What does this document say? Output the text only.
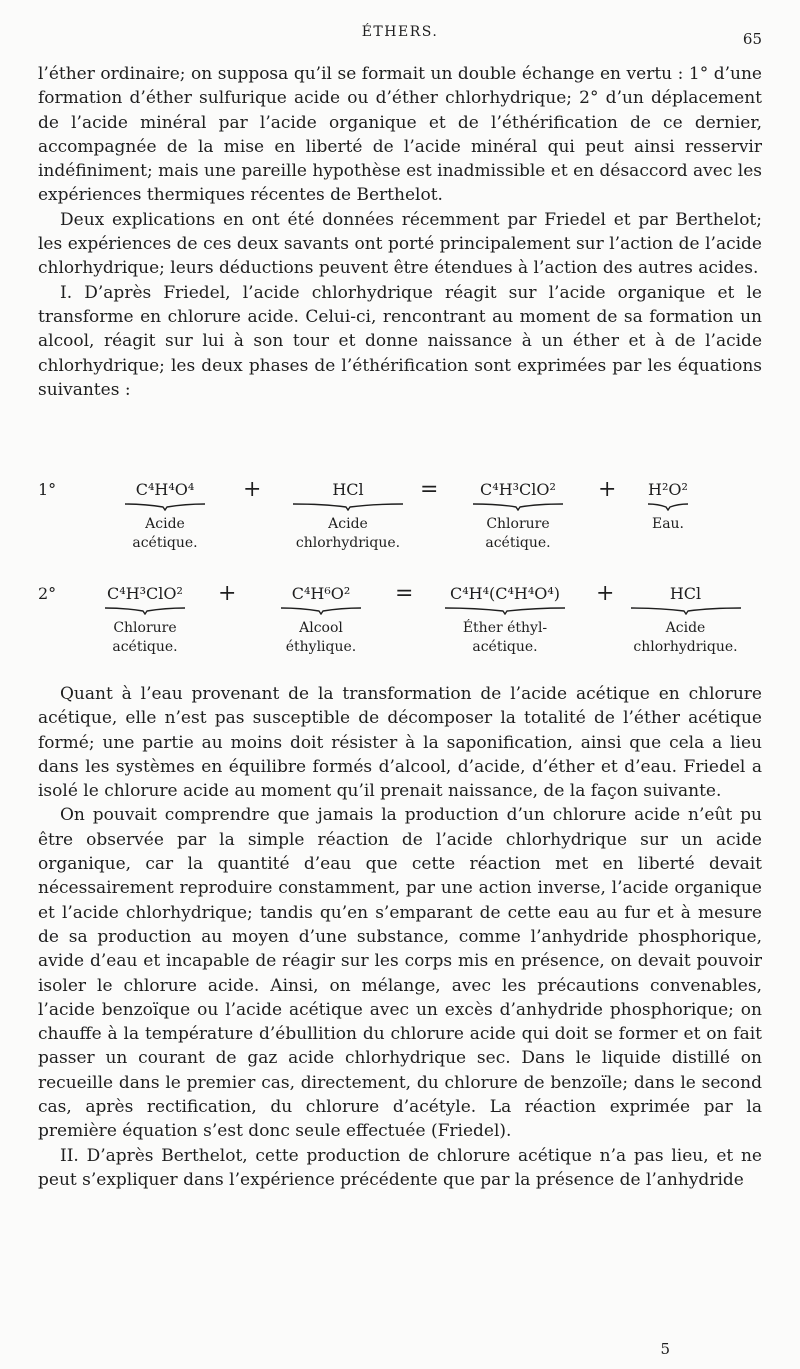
ÉTHERS.	65

l’éther ordinaire; on supposa qu’il se formait un double échange en vertu : 1° d’une formation d’éther sulfurique acide ou d’éther chlorhydrique; 2° d’un déplacement de l’acide minéral par l’acide organique et de l’éthérification de ce dernier, accompagnée de la mise en liberté de l’acide minéral qui peut ainsi resservir indéfiniment; mais une pareille hypothèse est inadmissible et en désaccord avec les expériences thermiques récentes de Berthelot.

Deux explications en ont été données récemment par Friedel et par Berthelot; les expériences de ces deux savants ont porté principalement sur l’action de l’acide chlorhydrique; leurs déductions peuvent être étendues à l’action des autres acides.

I. D’après Friedel, l’acide chlorhydrique réagit sur l’acide organique et le transforme en chlorure acide. Celui-ci, rencontrant au moment de sa formation un alcool, réagit sur lui à son tour et donne naissance à un éther et à de l’acide chlorhydrique; les deux phases de l’éthérification sont exprimées par les équations suivantes :

1°	C⁴H⁴O⁴
Acide
acétique.
+	HCl
Acide
chlorhydrique.
=	C⁴H³ClO²
Chlorure
acétique.
+	H²O²
Eau.
2°	C⁴H³ClO²
Chlorure
acétique.
+	C⁴H⁶O²
Alcool
éthylique.
=	C⁴H⁴(C⁴H⁴O⁴)
Éther éthyl-
acétique.
+	HCl
Acide
chlorhydrique.

Quant à l’eau provenant de la transformation de l’acide acétique en chlorure acétique, elle n’est pas susceptible de décomposer la totalité de l’éther acétique formé; une partie au moins doit résister à la saponification, ainsi que cela a lieu dans les systèmes en équilibre formés d’alcool, d’acide, d’éther et d’eau. Friedel a isolé le chlorure acide au moment qu’il prenait naissance, de la façon suivante.

On pouvait comprendre que jamais la production d’un chlorure acide n’eût pu être observée par la simple réaction de l’acide chlorhydrique sur un acide organique, car la quantité d’eau que cette réaction met en liberté devait nécessairement reproduire constamment, par une action inverse, l’acide organique et l’acide chlorhydrique; tandis qu’en s’emparant de cette eau au fur et à mesure de sa production au moyen d’une substance, comme l’anhydride phosphorique, avide d’eau et incapable de réagir sur les corps mis en présence, on devait pouvoir isoler le chlorure acide. Ainsi, on mélange, avec les précautions convenables, l’acide benzoïque ou l’acide acétique avec un excès d’anhydride phosphorique; on chauffe à la température d’ébullition du chlorure acide qui doit se former et on fait passer un courant de gaz acide chlorhydrique sec. Dans le liquide distillé on recueille dans le premier cas, directement, du chlorure de benzoïle; dans le second cas, après rectification, du chlorure d’acétyle. La réaction exprimée par la première équation s’est donc seule effectuée (Friedel).

II. D’après Berthelot, cette production de chlorure acétique n’a pas lieu, et ne peut s’expliquer dans l’expérience précédente que par la présence de l’anhydride

5
